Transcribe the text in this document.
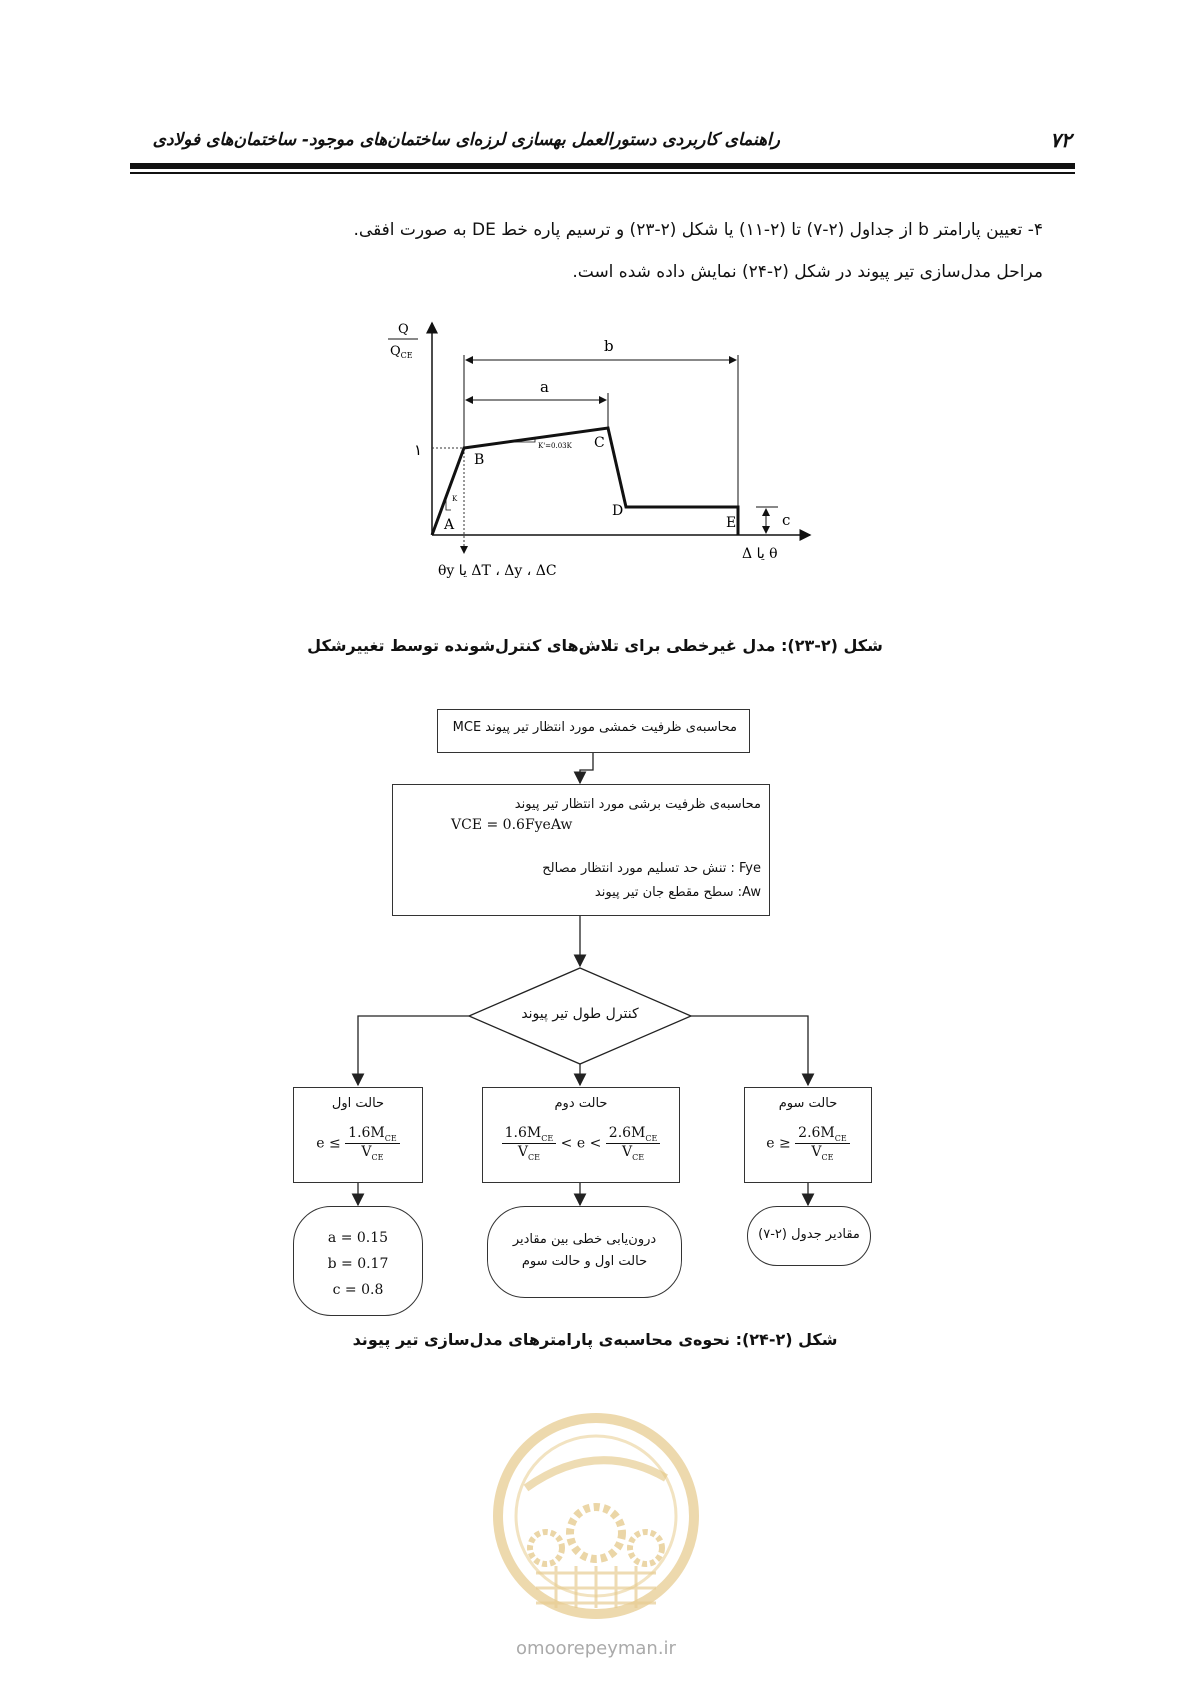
۷۲
راهنمای کاربردی دستورالعمل بهسازی لرزه‌ای ساختمان‌های موجود- ساختمان‌های فولادی
۴- تعیین پارامتر b از جداول (۲-۷) تا (۲-۱۱) یا شکل (۲-۲۳) و ترسیم پاره خط DE به صورت افقی.
مراحل مدل‌سازی تیر پیوند در شکل (۲-۲۴) نمایش داده شده است.
Q
$Q_{CE}$
۱
b
a
c
K
K'=0.03K
A
B
C
D
E
Δ یا θ
θy یا ΔT ، Δy ، ΔC
شکل (۲-۲۳): مدل غیرخطی برای تلاش‌های کنترل‌شونده توسط تغییرشکل
محاسبه‌ی ظرفیت خمشی مورد انتظار تیر پیوند MCE
محاسبه‌ی ظرفیت برشی مورد انتظار تیر پیوند
VCE = 0.6FyeAw
Fye : تنش حد تسلیم مورد انتظار مصالح
Aw: سطح مقطع جان تیر پیوند
کنترل طول تیر پیوند
حالت اول
$e \le \frac{1.6M_{CE}}{V_{CE}}$
حالت دوم
$\frac{1.6M_{CE}}{V_{CE}} < e < \frac{2.6M_{CE}}{V_{CE}}$
حالت سوم
$e \ge \frac{2.6M_{CE}}{V_{CE}}$
a = 0.15
b = 0.17
c = 0.8
درون‌یابی خطی بین مقادیر حالت اول و حالت سوم
مقادیر جدول (۲-۷)
شکل (۲-۲۴): نحوه‌ی محاسبه‌ی پارامترهای مدل‌سازی تیر پیوند
omoorepeyman.ir
